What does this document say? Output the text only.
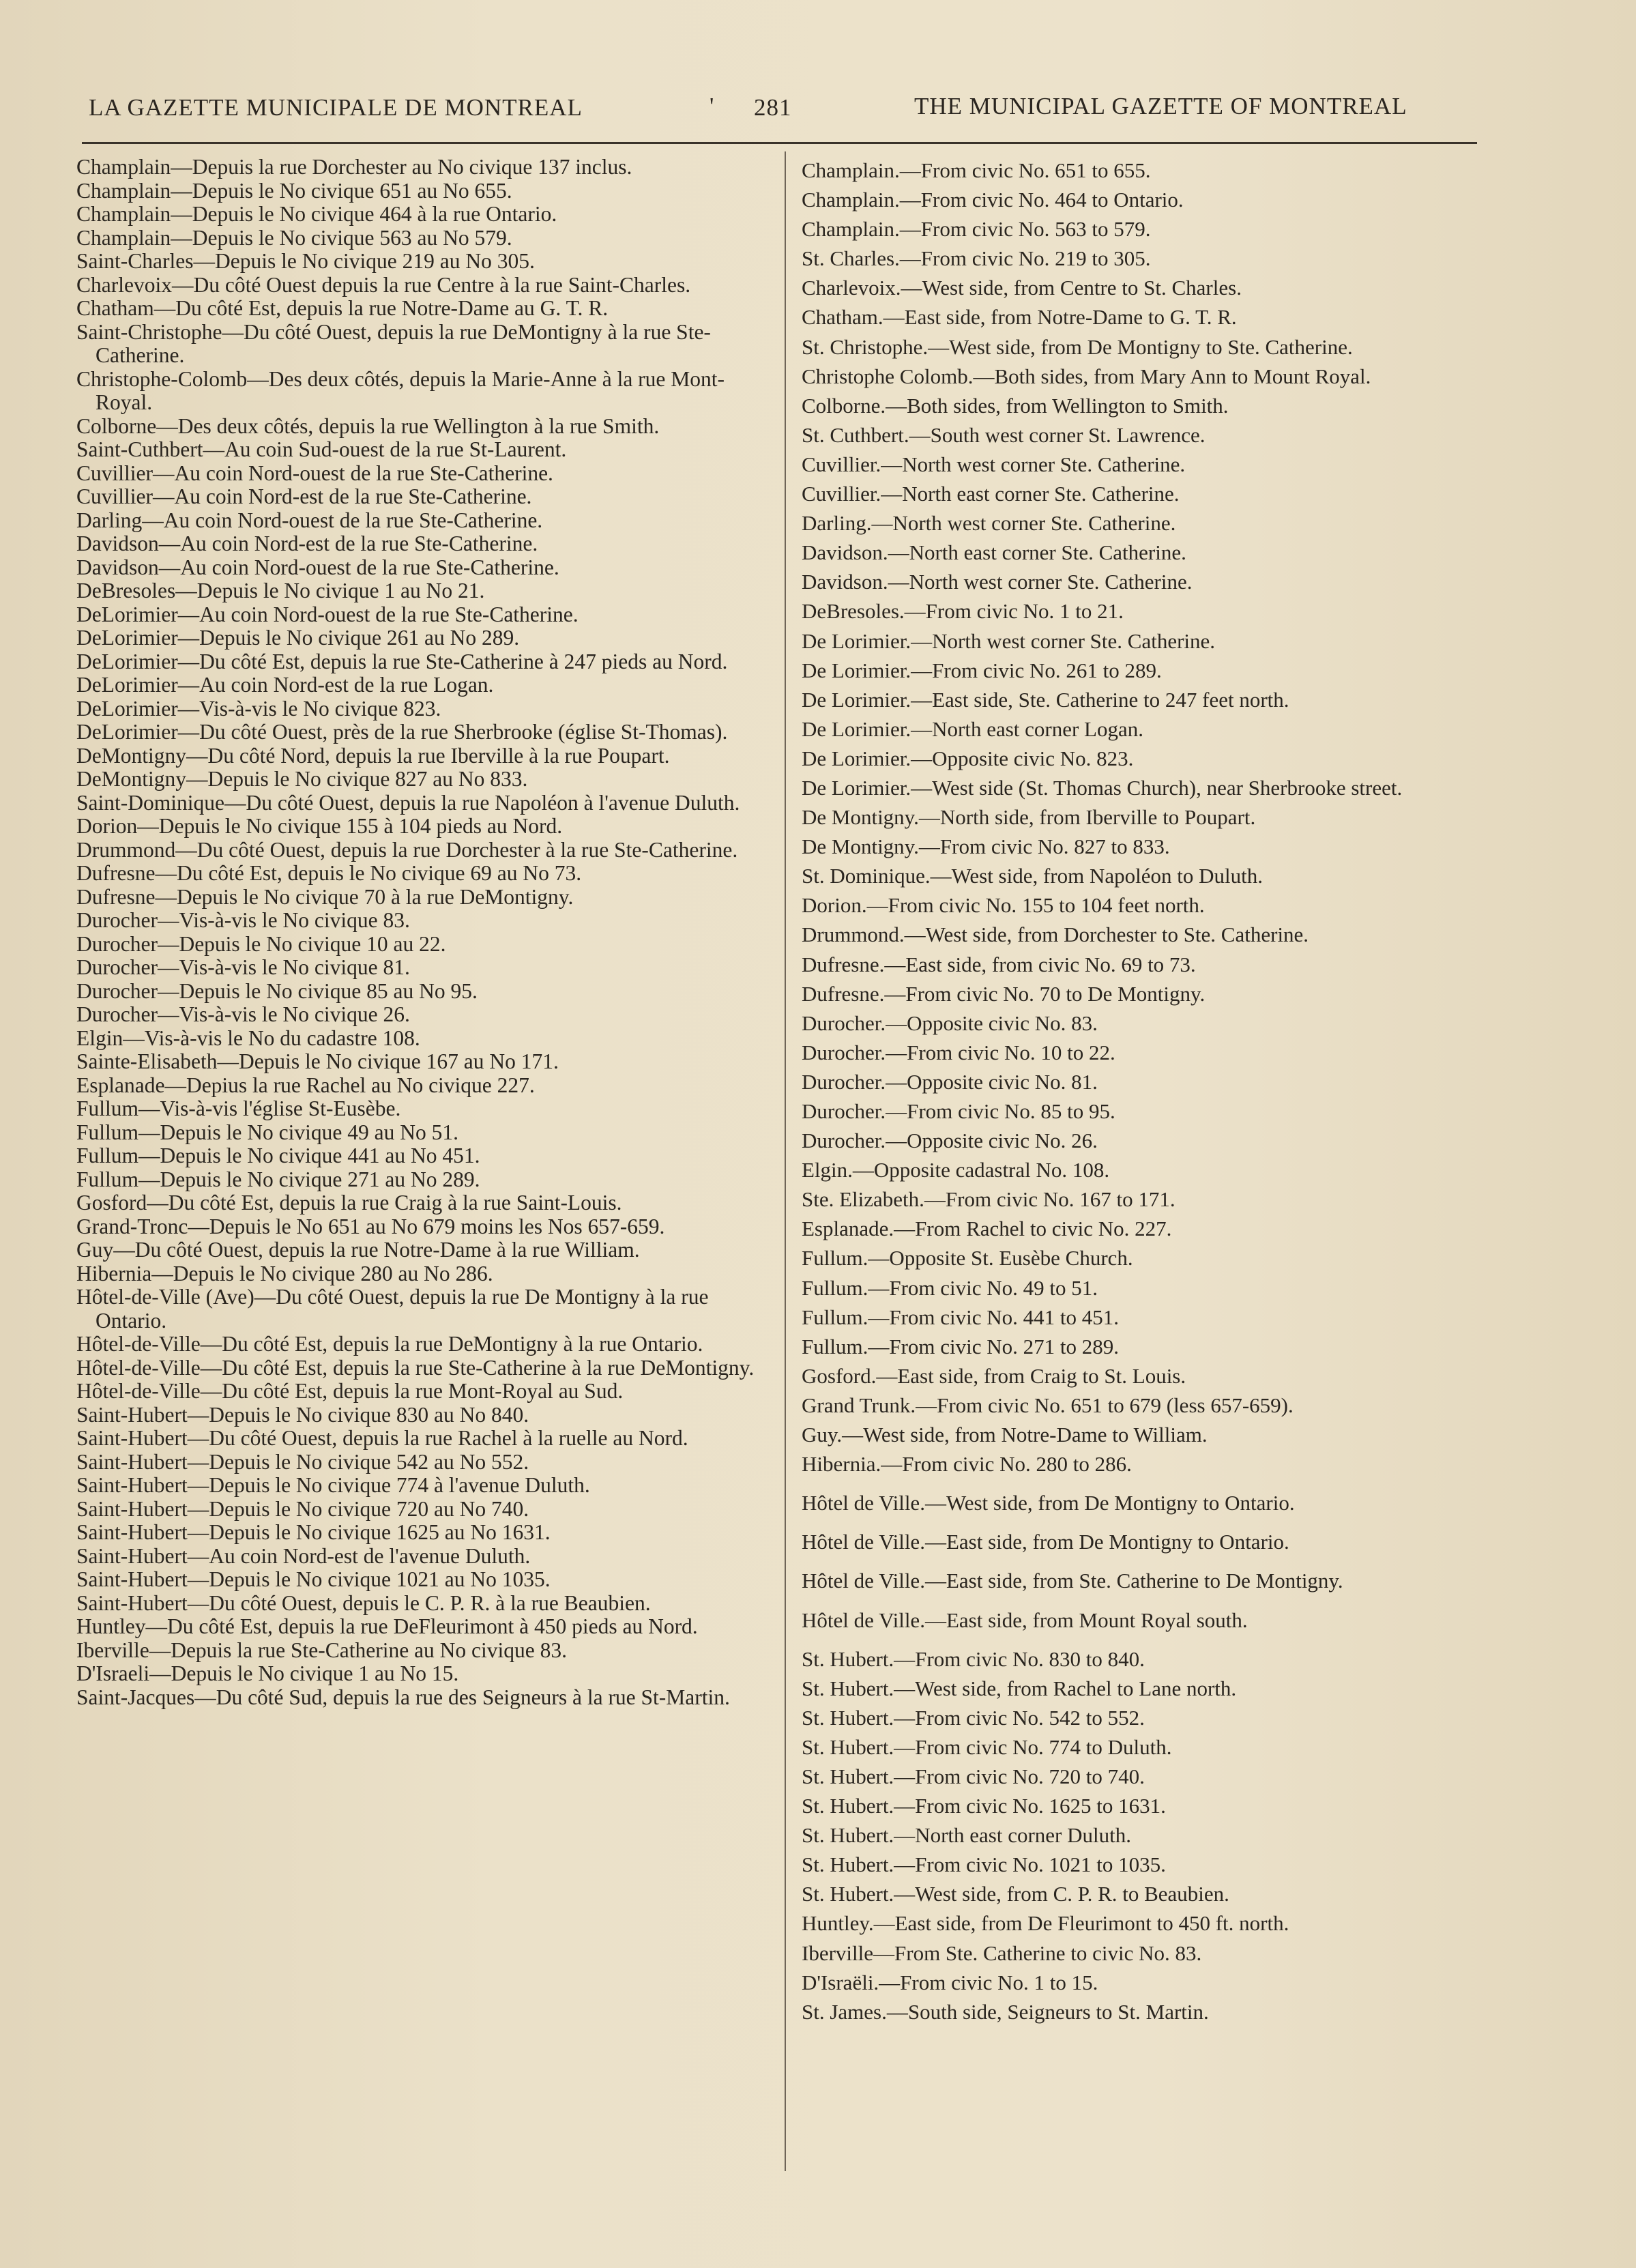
LA GAZETTE MUNICIPALE DE MONTREAL	' 281	THE MUNICIPAL GAZETTE OF MONTREAL

Champlain—Depuis la rue Dorchester au No civique 137 inclus.

Champlain—Depuis le No civique 651 au No 655.

Champlain—Depuis le No civique 464 à la rue Ontario.

Champlain—Depuis le No civique 563 au No 579.

Saint-Charles—Depuis le No civique 219 au No 305.

Charlevoix—Du côté Ouest depuis la rue Centre à la rue Saint-Charles.

Chatham—Du côté Est, depuis la rue Notre-Dame au G. T. R.

Saint-Christophe—Du côté Ouest, depuis la rue DeMontigny à la rue Ste-Catherine.

Christophe-Colomb—Des deux côtés, depuis la Marie-Anne à la rue Mont-Royal.

Colborne—Des deux côtés, depuis la rue Wellington à la rue Smith.

Saint-Cuthbert—Au coin Sud-ouest de la rue St-Laurent.

Cuvillier—Au coin Nord-ouest de la rue Ste-Catherine.

Cuvillier—Au coin Nord-est de la rue Ste-Catherine.

Darling—Au coin Nord-ouest de la rue Ste-Catherine.

Davidson—Au coin Nord-est de la rue Ste-Catherine.

Davidson—Au coin Nord-ouest de la rue Ste-Catherine.

DeBresoles—Depuis le No civique 1 au No 21.

DeLorimier—Au coin Nord-ouest de la rue Ste-Catherine.

DeLorimier—Depuis le No civique 261 au No 289.

DeLorimier—Du côté Est, depuis la rue Ste-Catherine à 247 pieds au Nord.

DeLorimier—Au coin Nord-est de la rue Logan.

DeLorimier—Vis-à-vis le No civique 823.

DeLorimier—Du côté Ouest, près de la rue Sherbrooke (église St-Thomas).

DeMontigny—Du côté Nord, depuis la rue Iberville à la rue Poupart.

DeMontigny—Depuis le No civique 827 au No 833.

Saint-Dominique—Du côté Ouest, depuis la rue Napoléon à l'avenue Duluth.

Dorion—Depuis le No civique 155 à 104 pieds au Nord.

Drummond—Du côté Ouest, depuis la rue Dorchester à la rue Ste-Catherine.

Dufresne—Du côté Est, depuis le No civique 69 au No 73.

Dufresne—Depuis le No civique 70 à la rue DeMontigny.

Durocher—Vis-à-vis le No civique 83.

Durocher—Depuis le No civique 10 au 22.

Durocher—Vis-à-vis le No civique 81.

Durocher—Depuis le No civique 85 au No 95.

Durocher—Vis-à-vis le No civique 26.

Elgin—Vis-à-vis le No du cadastre 108.

Sainte-Elisabeth—Depuis le No civique 167 au No 171.

Esplanade—Depius la rue Rachel au No civique 227.

Fullum—Vis-à-vis l'église St-Eusèbe.

Fullum—Depuis le No civique 49 au No 51.

Fullum—Depuis le No civique 441 au No 451.

Fullum—Depuis le No civique 271 au No 289.

Gosford—Du côté Est, depuis la rue Craig à la rue Saint-Louis.

Grand-Tronc—Depuis le No 651 au No 679 moins les Nos 657-659.

Guy—Du côté Ouest, depuis la rue Notre-Dame à la rue William.

Hibernia—Depuis le No civique 280 au No 286.

Hôtel-de-Ville (Ave)—Du côté Ouest, depuis la rue De Montigny à la rue Ontario.

Hôtel-de-Ville—Du côté Est, depuis la rue DeMontigny à la rue Ontario.

Hôtel-de-Ville—Du côté Est, depuis la rue Ste-Catherine à la rue DeMontigny.

Hôtel-de-Ville—Du côté Est, depuis la rue Mont-Royal au Sud.

Saint-Hubert—Depuis le No civique 830 au No 840.

Saint-Hubert—Du côté Ouest, depuis la rue Rachel à la ruelle au Nord.

Saint-Hubert—Depuis le No civique 542 au No 552.

Saint-Hubert—Depuis le No civique 774 à l'avenue Duluth.

Saint-Hubert—Depuis le No civique 720 au No 740.

Saint-Hubert—Depuis le No civique 1625 au No 1631.

Saint-Hubert—Au coin Nord-est de l'avenue Duluth.

Saint-Hubert—Depuis le No civique 1021 au No 1035.

Saint-Hubert—Du côté Ouest, depuis le C. P. R. à la rue Beaubien.

Huntley—Du côté Est, depuis la rue DeFleurimont à 450 pieds au Nord.

Iberville—Depuis la rue Ste-Catherine au No civique 83.

D'Israeli—Depuis le No civique 1 au No 15.

Saint-Jacques—Du côté Sud, depuis la rue des Seigneurs à la rue St-Martin.

Champlain.—From civic No. 651 to 655.

Champlain.—From civic No. 464 to Ontario.

Champlain.—From civic No. 563 to 579.

St. Charles.—From civic No. 219 to 305.

Charlevoix.—West side, from Centre to St. Charles.

Chatham.—East side, from Notre-Dame to G. T. R.

St. Christophe.—West side, from De Montigny to Ste. Catherine.

Christophe Colomb.—Both sides, from Mary Ann to Mount Royal.

Colborne.—Both sides, from Wellington to Smith.

St. Cuthbert.—South west corner St. Lawrence.

Cuvillier.—North west corner Ste. Catherine.

Cuvillier.—North east corner Ste. Catherine.

Darling.—North west corner Ste. Catherine.

Davidson.—North east corner Ste. Catherine.

Davidson.—North west corner Ste. Catherine.

DeBresoles.—From civic No. 1 to 21.

De Lorimier.—North west corner Ste. Catherine.

De Lorimier.—From civic No. 261 to 289.

De Lorimier.—East side, Ste. Catherine to 247 feet north.

De Lorimier.—North east corner Logan.

De Lorimier.—Opposite civic No. 823.

De Lorimier.—West side (St. Thomas Church), near Sherbrooke street.

De Montigny.—North side, from Iberville to Poupart.

De Montigny.—From civic No. 827 to 833.

St. Dominique.—West side, from Napoléon to Duluth.

Dorion.—From civic No. 155 to 104 feet north.

Drummond.—West side, from Dorchester to Ste. Catherine.

Dufresne.—East side, from civic No. 69 to 73.

Dufresne.—From civic No. 70 to De Montigny.

Durocher.—Opposite civic No. 83.

Durocher.—From civic No. 10 to 22.

Durocher.—Opposite civic No. 81.

Durocher.—From civic No. 85 to 95.

Durocher.—Opposite civic No. 26.

Elgin.—Opposite cadastral No. 108.

Ste. Elizabeth.—From civic No. 167 to 171.

Esplanade.—From Rachel to civic No. 227.

Fullum.—Opposite St. Eusèbe Church.

Fullum.—From civic No. 49 to 51.

Fullum.—From civic No. 441 to 451.

Fullum.—From civic No. 271 to 289.

Gosford.—East side, from Craig to St. Louis.

Grand Trunk.—From civic No. 651 to 679 (less 657-659).

Guy.—West side, from Notre-Dame to William.

Hibernia.—From civic No. 280 to 286.

Hôtel de Ville.—West side, from De Montigny to Ontario.

Hôtel de Ville.—East side, from De Montigny to Ontario.

Hôtel de Ville.—East side, from Ste. Catherine to De Montigny.

Hôtel de Ville.—East side, from Mount Royal south.

St. Hubert.—From civic No. 830 to 840.

St. Hubert.—West side, from Rachel to Lane north.

St. Hubert.—From civic No. 542 to 552.

St. Hubert.—From civic No. 774 to Duluth.

St. Hubert.—From civic No. 720 to 740.

St. Hubert.—From civic No. 1625 to 1631.

St. Hubert.—North east corner Duluth.

St. Hubert.—From civic No. 1021 to 1035.

St. Hubert.—West side, from C. P. R. to Beaubien.

Huntley.—East side, from De Fleurimont to 450 ft. north.

Iberville—From Ste. Catherine to civic No. 83.

D'Israëli.—From civic No. 1 to 15.

St. James.—South side, Seigneurs to St. Martin.
